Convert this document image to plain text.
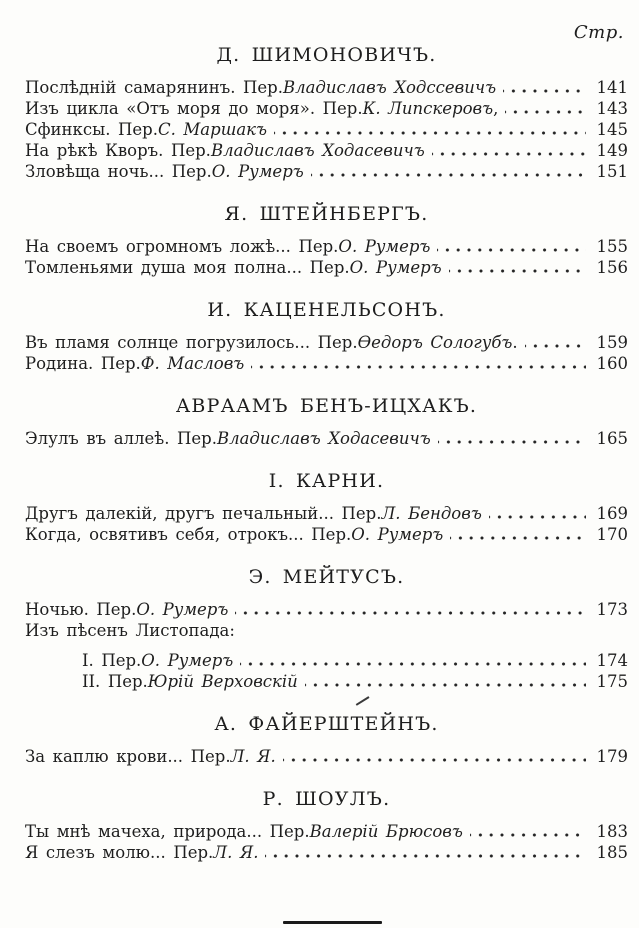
Стр.
Д. ШИМОНОВИЧЪ.
Послѣдній самарянинъ. Пер. Владиславъ Ходссевичъ	141
Изъ цикла «Отъ моря до моря». Пер. К. Липскеровъ ,	143
Сфинксы. Пер. С. Маршакъ	145
На рѣкѣ Кворъ. Пер. Владиславъ Ходасевичъ	149
Зловѣща ночь... Пер. О. Румеръ	151
Я. ШТЕЙНБЕРГЪ.
На своемъ огромномъ ложѣ... Пер. О. Румеръ	155
Томленьями душа моя полна... Пер. О. Румеръ	156
И. КАЦЕНЕЛЬСОНЪ.
Въ пламя солнце погрузилось... Пер. Ѳедоръ Сологубъ .	159
Родина. Пер. Ф. Масловъ	160
АВРААМЪ БЕНЪ-ИЦХАКЪ.
Элулъ въ аллеѣ. Пер. Владиславъ Ходасевичъ	165
І. КАРНИ.
Другъ далекій, другъ печальный... Пер. Л. Бендовъ	169
Когда, освятивъ себя, отрокъ... Пер. О. Румеръ	170
Э. МЕЙТУСЪ.
Ночью. Пер. О. Румеръ	173
Изъ пѣсенъ Листопада:
І. Пер. О. Румеръ	174
ІІ. Пер. Юрій Верховскій	175
А. ФАЙЕРШТЕЙНЪ.
За каплю крови... Пер. Л. Я.	179
Р. ШОУЛЪ.
Ты мнѣ мачеха, природа... Пер. Валерій Брюсовъ	183
Я слезъ молю... Пер. Л. Я.	185
